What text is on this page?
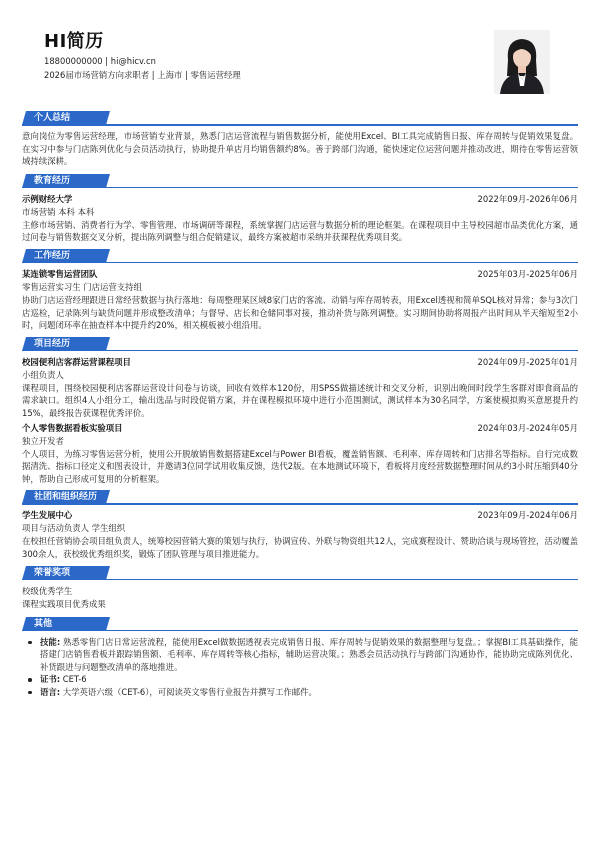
HI简历
18800000000 | hi@hicv.cn
2026届市场营销方向求职者 | 上海市 | 零售运营经理
个人总结
意向岗位为零售运营经理，市场营销专业背景，熟悉门店运营流程与销售数据分析，能使用Excel、BI工具完成销售日报、库存周转与促销效果复盘。在实习中参与门店陈列优化与会员活动执行，协助提升单店月均销售额约8%。善于跨部门沟通，能快速定位运营问题并推动改进，期待在零售运营领域持续深耕。
教育经历
示例财经大学	2022年09月-2026年06月
市场营销 本科 本科
主修市场营销、消费者行为学、零售管理、市场调研等课程，系统掌握门店运营与数据分析的理论框架。在课程项目中主导校园超市品类优化方案，通过问卷与销售数据交叉分析，提出陈列调整与组合促销建议，最终方案被超市采纳并获课程优秀项目奖。
工作经历
某连锁零售运营团队	2025年03月-2025年06月
零售运营实习生 门店运营支持组
协助门店运营经理跟进日常经营数据与执行落地：每周整理某区域8家门店的客流、动销与库存周转表，用Excel透视和简单SQL核对异常；参与3次门店巡检，记录陈列与缺货问题并形成整改清单；与督导、店长和仓储同事对接，推动补货与陈列调整。实习期间协助将周报产出时间从半天缩短至2小时，问题闭环率在抽查样本中提升约20%，相关模板被小组沿用。
项目经历
校园便利店客群运营课程项目	2024年09月-2025年01月
小组负责人
课程项目，围绕校园便利店客群运营设计问卷与访谈，回收有效样本120份，用SPSS做描述统计和交叉分析，识别出晚间时段学生客群对即食商品的需求缺口。组织4人小组分工，输出选品与时段促销方案，并在课程模拟环境中进行小范围测试，测试样本为30名同学，方案使模拟购买意愿提升约15%，最终报告获课程优秀评价。
个人零售数据看板实验项目	2024年03月-2024年05月
独立开发者
个人项目，为练习零售运营分析，使用公开脱敏销售数据搭建Excel与Power BI看板，覆盖销售额、毛利率、库存周转和门店排名等指标。自行完成数据清洗、指标口径定义和图表设计，并邀请3位同学试用收集反馈，迭代2版。在本地测试环境下，看板将月度经营数据整理时间从约3小时压缩到40分钟，帮助自己形成可复用的分析框架。
社团和组织经历
学生发展中心	2023年09月-2024年06月
项目与活动负责人 学生组织
在校担任营销协会项目组负责人，统筹校园营销大赛的策划与执行，协调宣传、外联与物资组共12人，完成赛程设计、赞助洽谈与现场管控，活动覆盖300余人，获校级优秀组织奖，锻炼了团队管理与项目推进能力。
荣誉奖项
校级优秀学生
课程实践项目优秀成果
其他
技能: 熟悉零售门店日常运营流程，能使用Excel做数据透视表完成销售日报、库存周转与促销效果的数据整理与复盘。；掌握BI工具基础操作，能搭建门店销售看板并跟踪销售额、毛利率、库存周转等核心指标，辅助运营决策。；熟悉会员活动执行与跨部门沟通协作，能协助完成陈列优化、补货跟进与问题整改清单的落地推进。
证书: CET-6
语言: 大学英语六级（CET-6），可阅读英文零售行业报告并撰写工作邮件。
